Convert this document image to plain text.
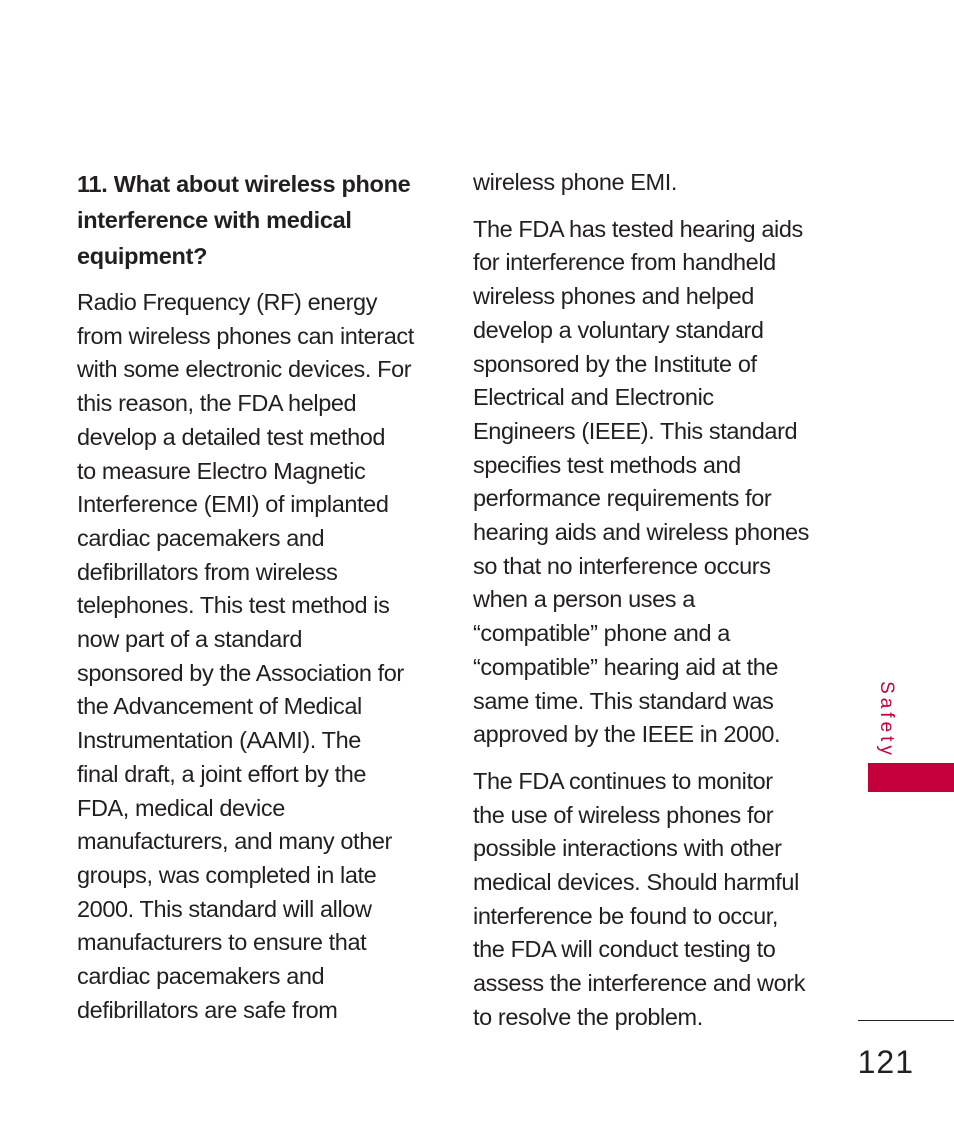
11. What about wireless phone
interference with medical
equipment?
Radio Frequency (RF) energy
from wireless phones can interact
with some electronic devices. For
this reason, the FDA helped
develop a detailed test method
to measure Electro Magnetic
Interference (EMI) of implanted
cardiac pacemakers and
defibrillators from wireless
telephones. This test method is
now part of a standard
sponsored by the Association for
the Advancement of Medical
Instrumentation (AAMI). The
final draft, a joint effort by the
FDA, medical device
manufacturers, and many other
groups, was completed in late
2000. This standard will allow
manufacturers to ensure that
cardiac pacemakers and
defibrillators are safe from
wireless phone EMI.
The FDA has tested hearing aids
for interference from handheld
wireless phones and helped
develop a voluntary standard
sponsored by the Institute of
Electrical and Electronic
Engineers (IEEE). This standard
specifies test methods and
performance requirements for
hearing aids and wireless phones
so that no interference occurs
when a person uses a
“compatible” phone and a
“compatible” hearing aid at the
same time. This standard was
approved by the IEEE in 2000.
The FDA continues to monitor
the use of wireless phones for
possible interactions with other
medical devices. Should harmful
interference be found to occur,
the FDA will conduct testing to
assess the interference and work
to resolve the problem.
Safety
121
